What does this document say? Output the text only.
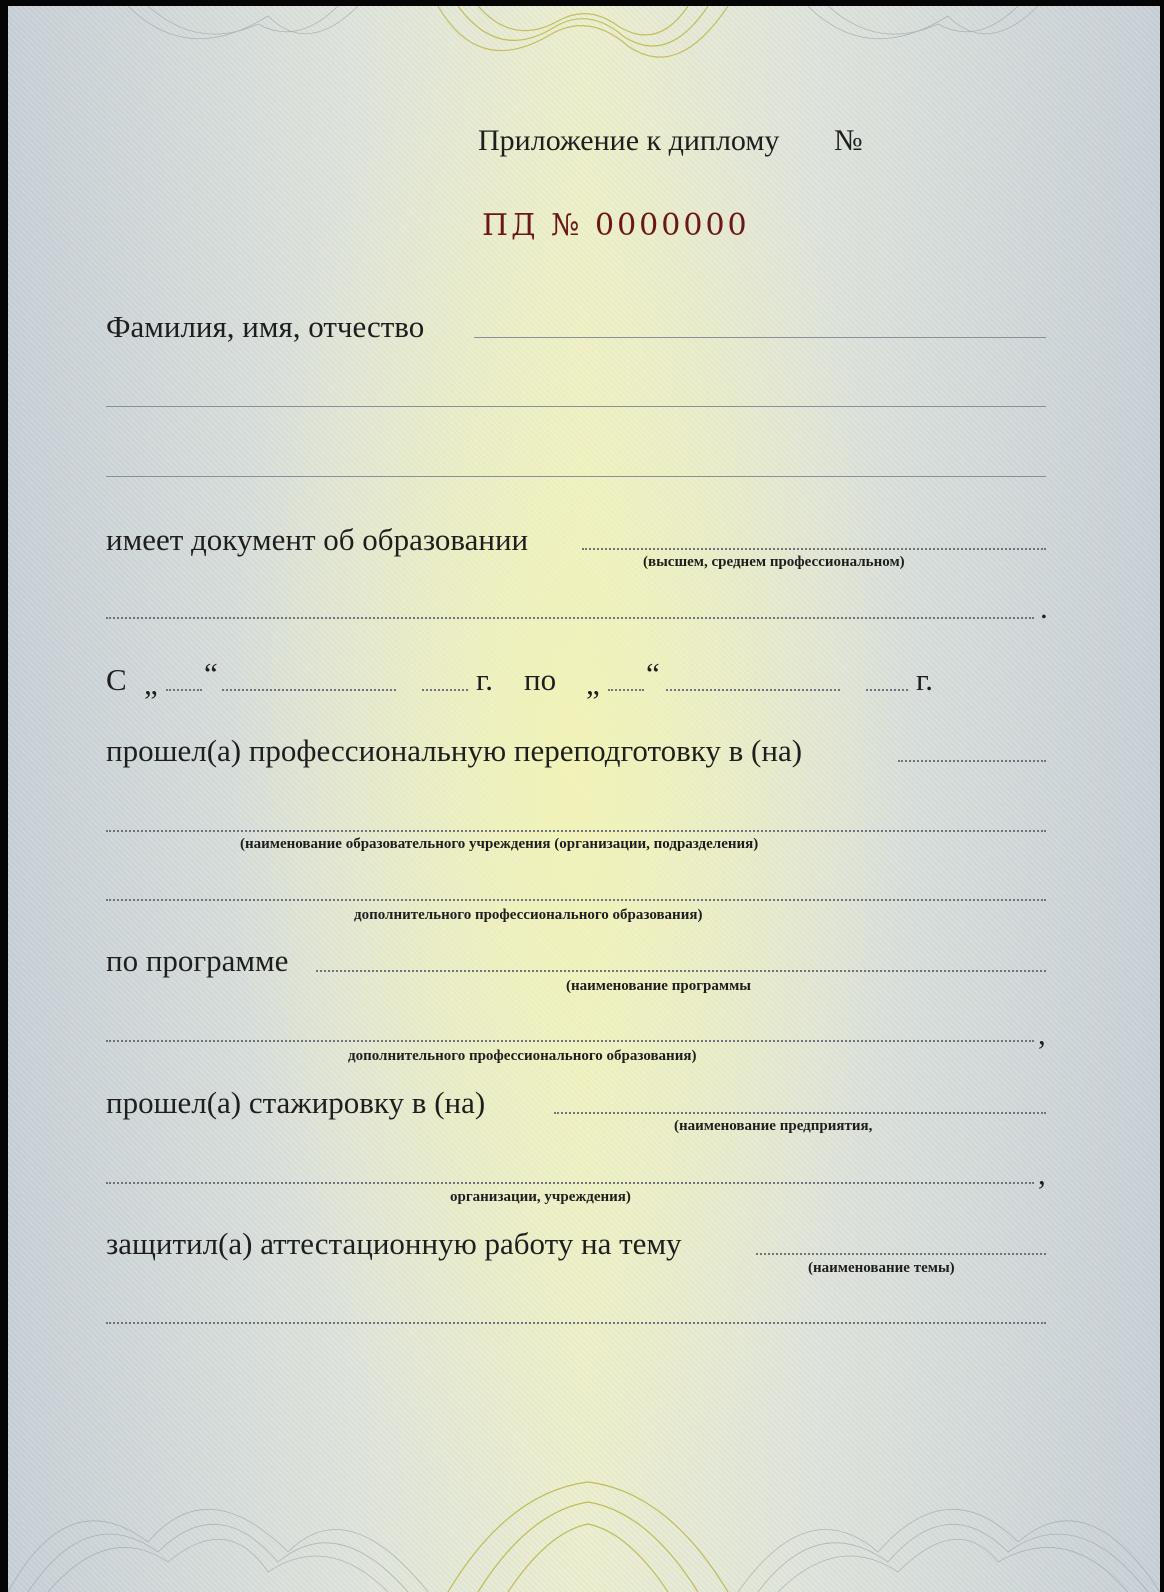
Приложение к диплому №
ПД № 0000000
Фамилия, имя, отчество
имеет документ об образовании
(высшем, среднем профессиональном)
.
С „ “	г. по „ “	г.
прошел(а) профессиональную переподготовку в (на)
(наименование образовательного учреждения (организации, подразделения)
дополнительного профессионального образования)
по программе
(наименование программы
,
дополнительного профессионального образования)
прошел(а) стажировку в (на)
(наименование предприятия,
,
организации, учреждения)
защитил(а) аттестационную работу на тему
(наименование темы)
